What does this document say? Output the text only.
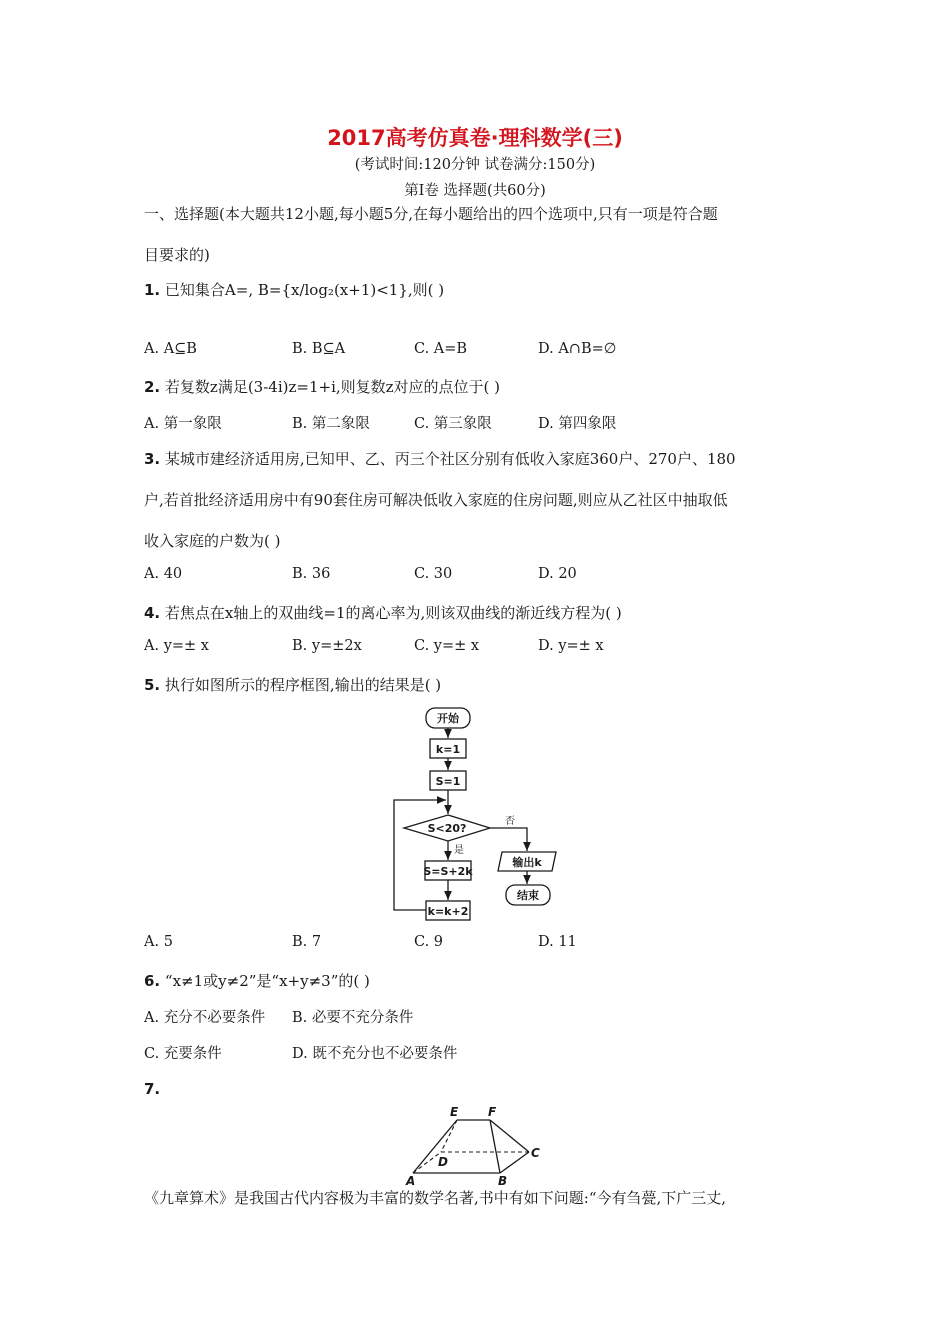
2017高考仿真卷·理科数学(三)
(考试时间:120分钟 试卷满分:150分)
第Ⅰ卷 选择题(共60分)
一、选择题(本大题共12小题,每小题5分,在每小题给出的四个选项中,只有一项是符合题
目要求的)
1. 已知集合A=, B={x/log₂(x+1)<1},则( )
A. A⊆B	B. B⊆A	C. A=B	D. A∩B=∅
2. 若复数z满足(3-4i)z=1+i,则复数z对应的点位于( )
A. 第一象限	B. 第二象限	C. 第三象限	D. 第四象限
3. 某城市建经济适用房,已知甲、乙、丙三个社区分别有低收入家庭360户、270户、180
户,若首批经济适用房中有90套住房可解决低收入家庭的住房问题,则应从乙社区中抽取低
收入家庭的户数为( )
A. 40	B. 36	C. 30	D. 20
4. 若焦点在x轴上的双曲线=1的离心率为,则该双曲线的渐近线方程为( )
A. y=± x	B. y=±2x	C. y=± x	D. y=± x
5. 执行如图所示的程序框图,输出的结果是( )
开始
k=1
S=1
S<20?
S=S+2k
k=k+2
输出k
结束
否
是
A. 5	B. 7	C. 9	D. 11
6. “x≠1或y≠2”是“x+y≠3”的( )
A. 充分不必要条件 B. 必要不充分条件
C. 充要条件	D. 既不充分也不必要条件
7.
E F
C
D
A	B
《九章算术》是我国古代内容极为丰富的数学名著,书中有如下问题:“今有刍甍,下广三丈,
